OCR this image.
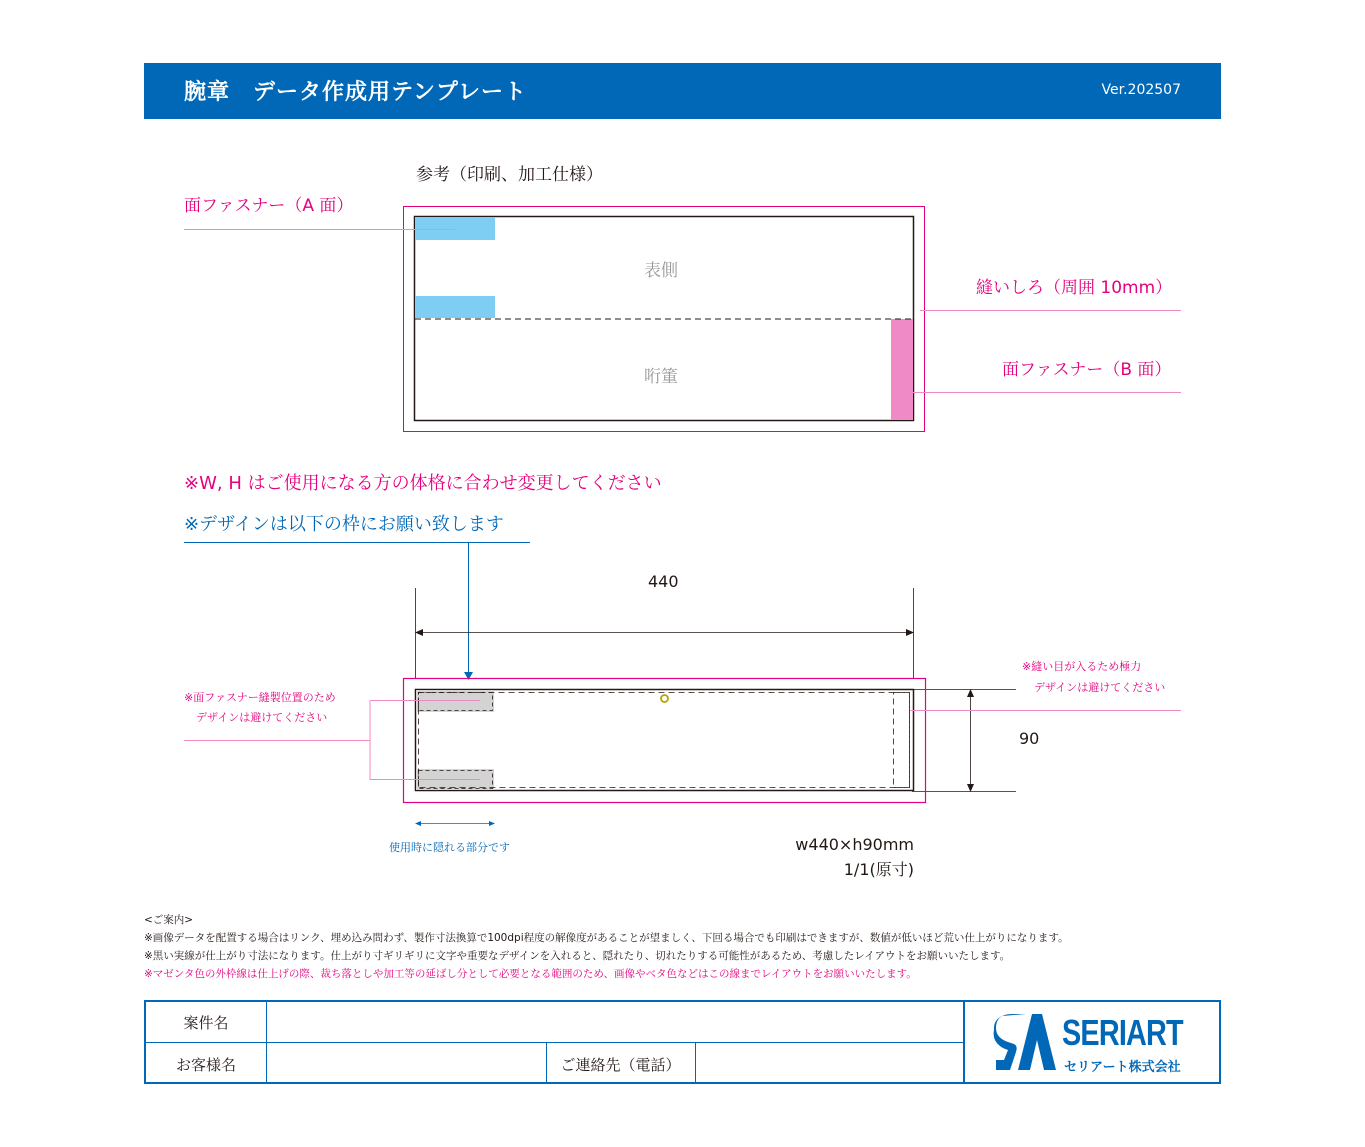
腕章　データ作成用テンプレート	Ver.202507
参考（印刷、加工仕様）
面ファスナー（A 面）
縫いしろ（周囲 10mm）
面ファスナー（B 面）
表側
哘箽
※W, H はご使用になる方の体格に合わせ変更してください
※デザインは以下の枠にお願い致します
440
90
※面ファスナー縫製位置のため
デザインは避けてください
※縫い目が入るため極力
デザインは避けてください
使用時に隠れる部分です	w440×h90mm
1/1(原寸)
<ご案内>
※画像データを配置する場合はリンク、埋め込み問わず、製作寸法換算で100dpi程度の解像度があることが望ましく、下回る場合でも印刷はできますが、数値が低いほど荒い仕上がりになります。
※黒い実線が仕上がり寸法になります。仕上がり寸ギリギリに文字や重要なデザインを入れると、隠れたり、切れたりする可能性があるため、考慮したレイアウトをお願いいたします。
※マゼンタ色の外枠線は仕上げの際、裁ち落としや加工等の延ばし分として必要となる範囲のため、画像やベタ色などはこの線までレイアウトをお願いいたします。
案件名
お客様名	ご連絡先（電話）
SERIART
セリアート株式会社
